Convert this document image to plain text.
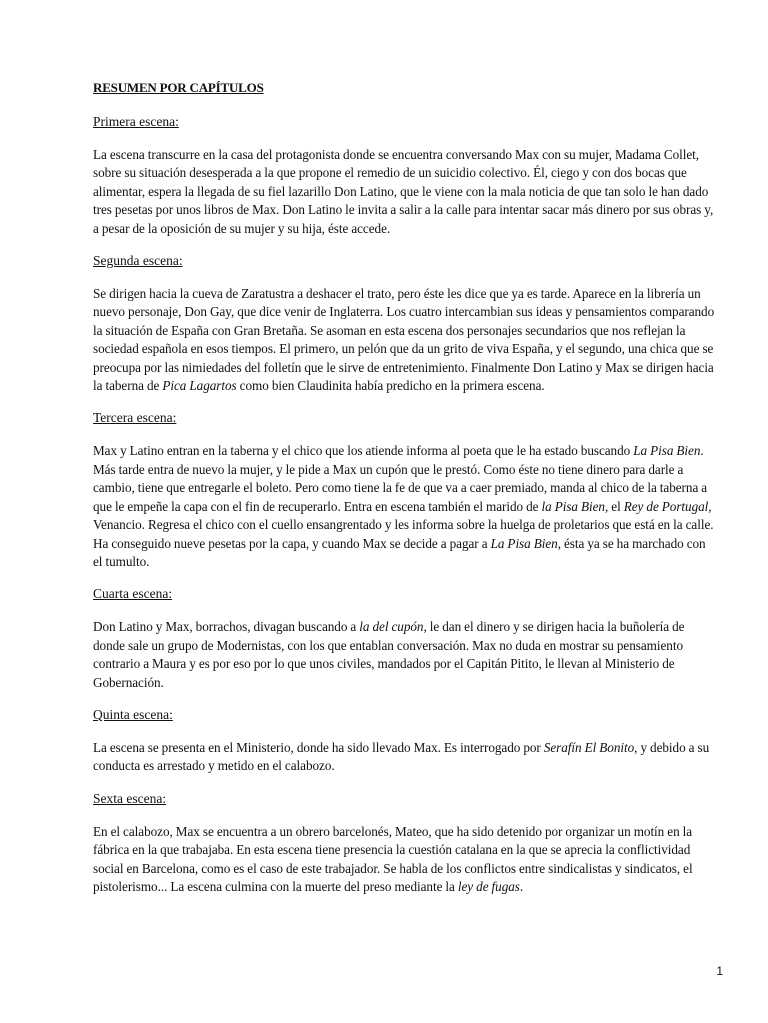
RESUMEN POR CAPÍTULOS
Primera escena:
La escena transcurre en la casa del protagonista donde se encuentra conversando Max con su mujer, Madama Collet, sobre su situación desesperada a la que propone el remedio de un suicidio colectivo. Él, ciego y con dos bocas que alimentar, espera la llegada de su fiel lazarillo Don Latino, que le viene con la mala noticia de que tan solo le han dado tres pesetas por unos libros de Max. Don Latino le invita a salir a la calle para intentar sacar más dinero por sus obras y, a pesar de la oposición de su mujer y su hija, éste accede.
Segunda escena:
Se dirigen hacia la cueva de Zaratustra a deshacer el trato, pero éste les dice que ya es tarde. Aparece en la librería un nuevo personaje, Don Gay, que dice venir de Inglaterra. Los cuatro intercambian sus ideas y pensamientos comparando la situación de España con Gran Bretaña. Se asoman en esta escena dos personajes secundarios que nos reflejan la sociedad española en esos tiempos. El primero, un pelón que da un grito de viva España, y el segundo, una chica que se preocupa por las nimiedades del folletín que le sirve de entretenimiento. Finalmente Don Latino y Max se dirigen hacia la taberna de Pica Lagartos como bien Claudinita había predicho en la primera escena.
Tercera escena:
Max y Latino entran en la taberna y el chico que los atiende informa al poeta que le ha estado buscando La Pisa Bien. Más tarde entra de nuevo la mujer, y le pide a Max un cupón que le prestó. Como éste no tiene dinero para darle a cambio, tiene que entregarle el boleto. Pero como tiene la fe de que va a caer premiado, manda al chico de la taberna a que le empeñe la capa con el fin de recuperarlo. Entra en escena también el marido de la Pisa Bien, el Rey de Portugal, Venancio. Regresa el chico con el cuello ensangrentado y les informa sobre la huelga de proletarios que está en la calle. Ha conseguido nueve pesetas por la capa, y cuando Max se decide a pagar a La Pisa Bien, ésta ya se ha marchado con el tumulto.
Cuarta escena:
Don Latino y Max, borrachos, divagan buscando a la del cupón, le dan el dinero y se dirigen hacia la buñolería de donde sale un grupo de Modernistas, con los que entablan conversación. Max no duda en mostrar su pensamiento contrario a Maura y es por eso por lo que unos civiles, mandados por el Capitán Pitito, le llevan al Ministerio de Gobernación.
Quinta escena:
La escena se presenta en el Ministerio, donde ha sido llevado Max. Es interrogado por Serafín El Bonito, y debido a su conducta es arrestado y metido en el calabozo.
Sexta escena:
En el calabozo, Max se encuentra a un obrero barcelonés, Mateo, que ha sido detenido por organizar un motín en la fábrica en la que trabajaba. En esta escena tiene presencia la cuestión catalana en la que se aprecia la conflictividad social en Barcelona, como es el caso de este trabajador. Se habla de los conflictos entre sindicalistas y sindicatos, el pistolerismo... La escena culmina con la muerte del preso mediante la ley de fugas.
1
